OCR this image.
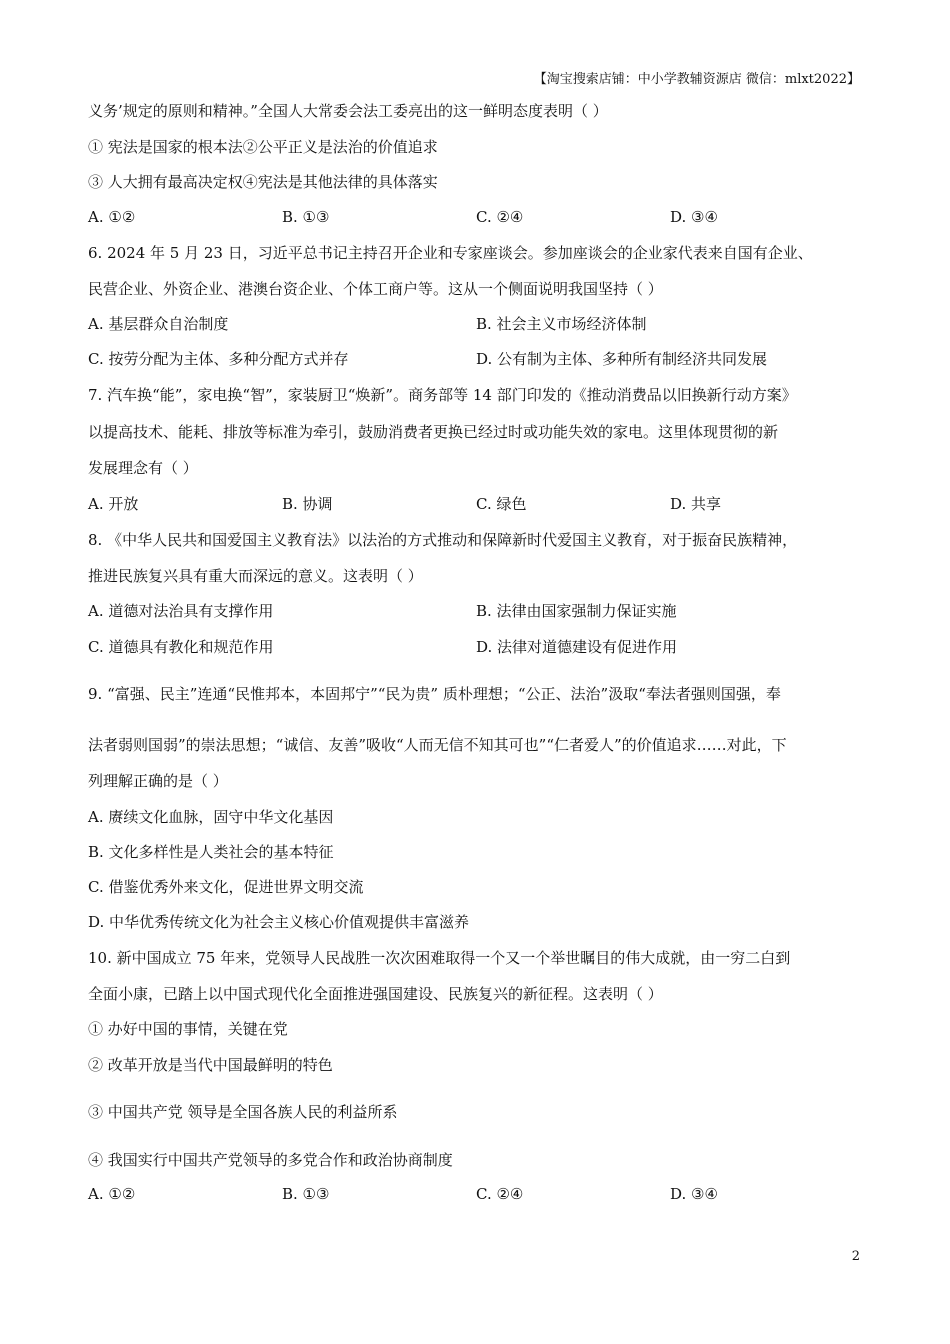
【淘宝搜索店铺：中小学教辅资源店 微信：mlxt2022】
义务’规定的原则和精神。”全国人大常委会法工委亮出的这一鲜明态度表明（ ）
① 宪法是国家的根本法②公平正义是法治的价值追求
③ 人大拥有最高决定权④宪法是其他法律的具体落实
A. ①②	B. ①③	C. ②④	D. ③④
6. 2024 年 5 月 23 日，习近平总书记主持召开企业和专家座谈会。参加座谈会的企业家代表来自国有企业、
民营企业、外资企业、港澳台资企业、个体工商户等。这从一个侧面说明我国坚持（ ）
A. 基层群众自治制度	B. 社会主义市场经济体制
C. 按劳分配为主体、多种分配方式并存	D. 公有制为主体、多种所有制经济共同发展
7. 汽车换“能”，家电换“智”，家装厨卫“焕新”。商务部等 14 部门印发的《推动消费品以旧换新行动方案》
以提高技术、能耗、排放等标准为牵引，鼓励消费者更换已经过时或功能失效的家电。这里体现贯彻的新
发展理念有（ ）
A. 开放	B. 协调	C. 绿色	D. 共享
8. 《中华人民共和国爱国主义教育法》以法治的方式推动和保障新时代爱国主义教育，对于振奋民族精神，
推进民族复兴具有重大而深远的意义。这表明（ ）
A. 道德对法治具有支撑作用	B. 法律由国家强制力保证实施
C. 道德具有教化和规范作用	D. 法律对道德建设有促进作用
9. “富强、民主”连通“民惟邦本，本固邦宁”“民为贵” 质朴理想；“公正、法治”汲取“奉法者强则国强，奉
法者弱则国弱”的崇法思想；“诚信、友善”吸收“人而无信不知其可也”“仁者爱人”的价值追求……对此，下
列理解正确的是（ ）
A. 赓续文化血脉，固守中华文化基因
B. 文化多样性是人类社会的基本特征
C. 借鉴优秀外来文化，促进世界文明交流
D. 中华优秀传统文化为社会主义核心价值观提供丰富滋养
10. 新中国成立 75 年来，党领导人民战胜一次次困难取得一个又一个举世瞩目的伟大成就，由一穷二白到
全面小康，已踏上以中国式现代化全面推进强国建设、民族复兴的新征程。这表明（ ）
① 办好中国的事情，关键在党
② 改革开放是当代中国最鲜明的特色
③ 中国共产党 领导是全国各族人民的利益所系
④ 我国实行中国共产党领导的多党合作和政治协商制度
A. ①②	B. ①③	C. ②④	D. ③④
2
